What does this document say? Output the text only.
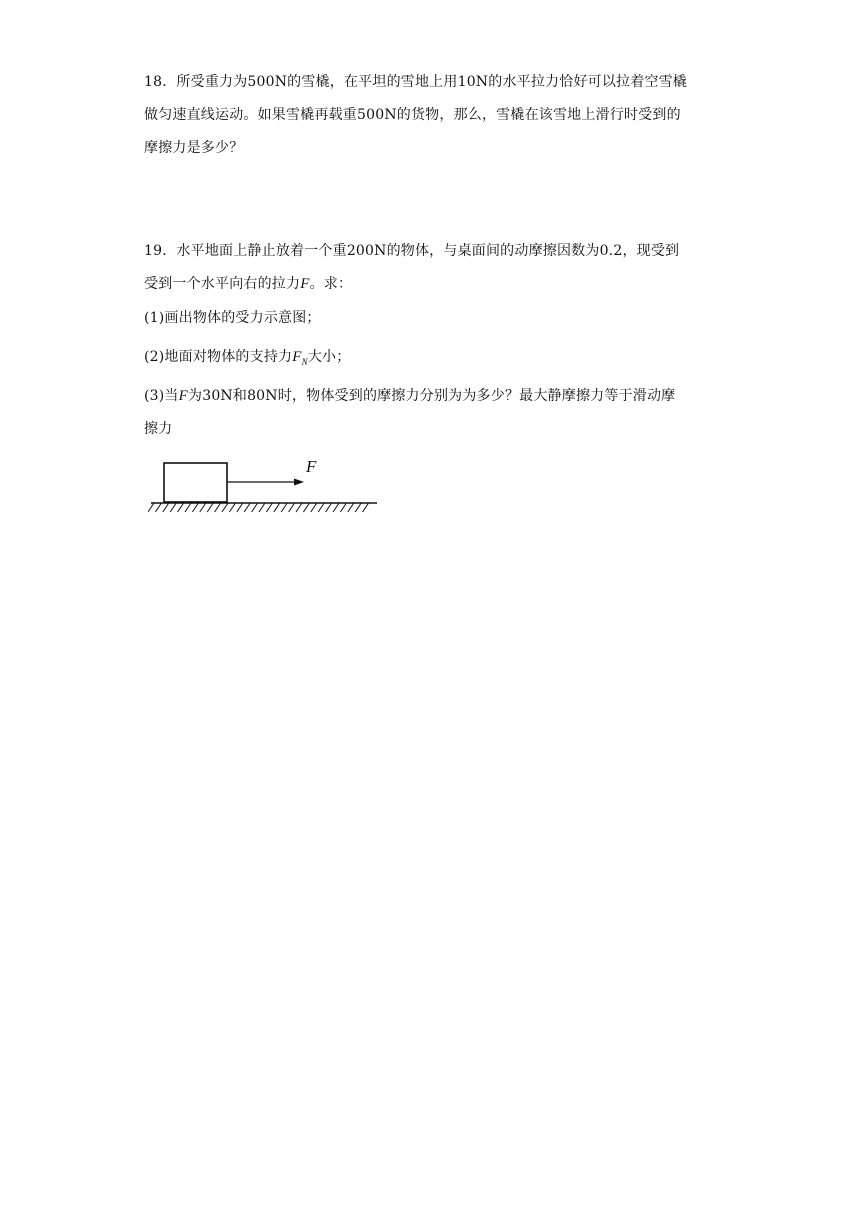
18．所受重力为500N的雪橇，在平坦的雪地上用10N的水平拉力恰好可以拉着空雪橇
做匀速直线运动。如果雪橇再载重500N的货物，那么，雪橇在该雪地上滑行时受到的
摩擦力是多少？
19．水平地面上静止放着一个重200N的物体，与桌面间的动摩擦因数为0.2，现受到
受到一个水平向右的拉力F。求：
(1)画出物体的受力示意图；
(2)地面对物体的支持力$F_N$大小；
(3)当F为30N和80N时，物体受到的摩擦力分别为为多少？最大静摩擦力等于滑动摩
擦力
F
